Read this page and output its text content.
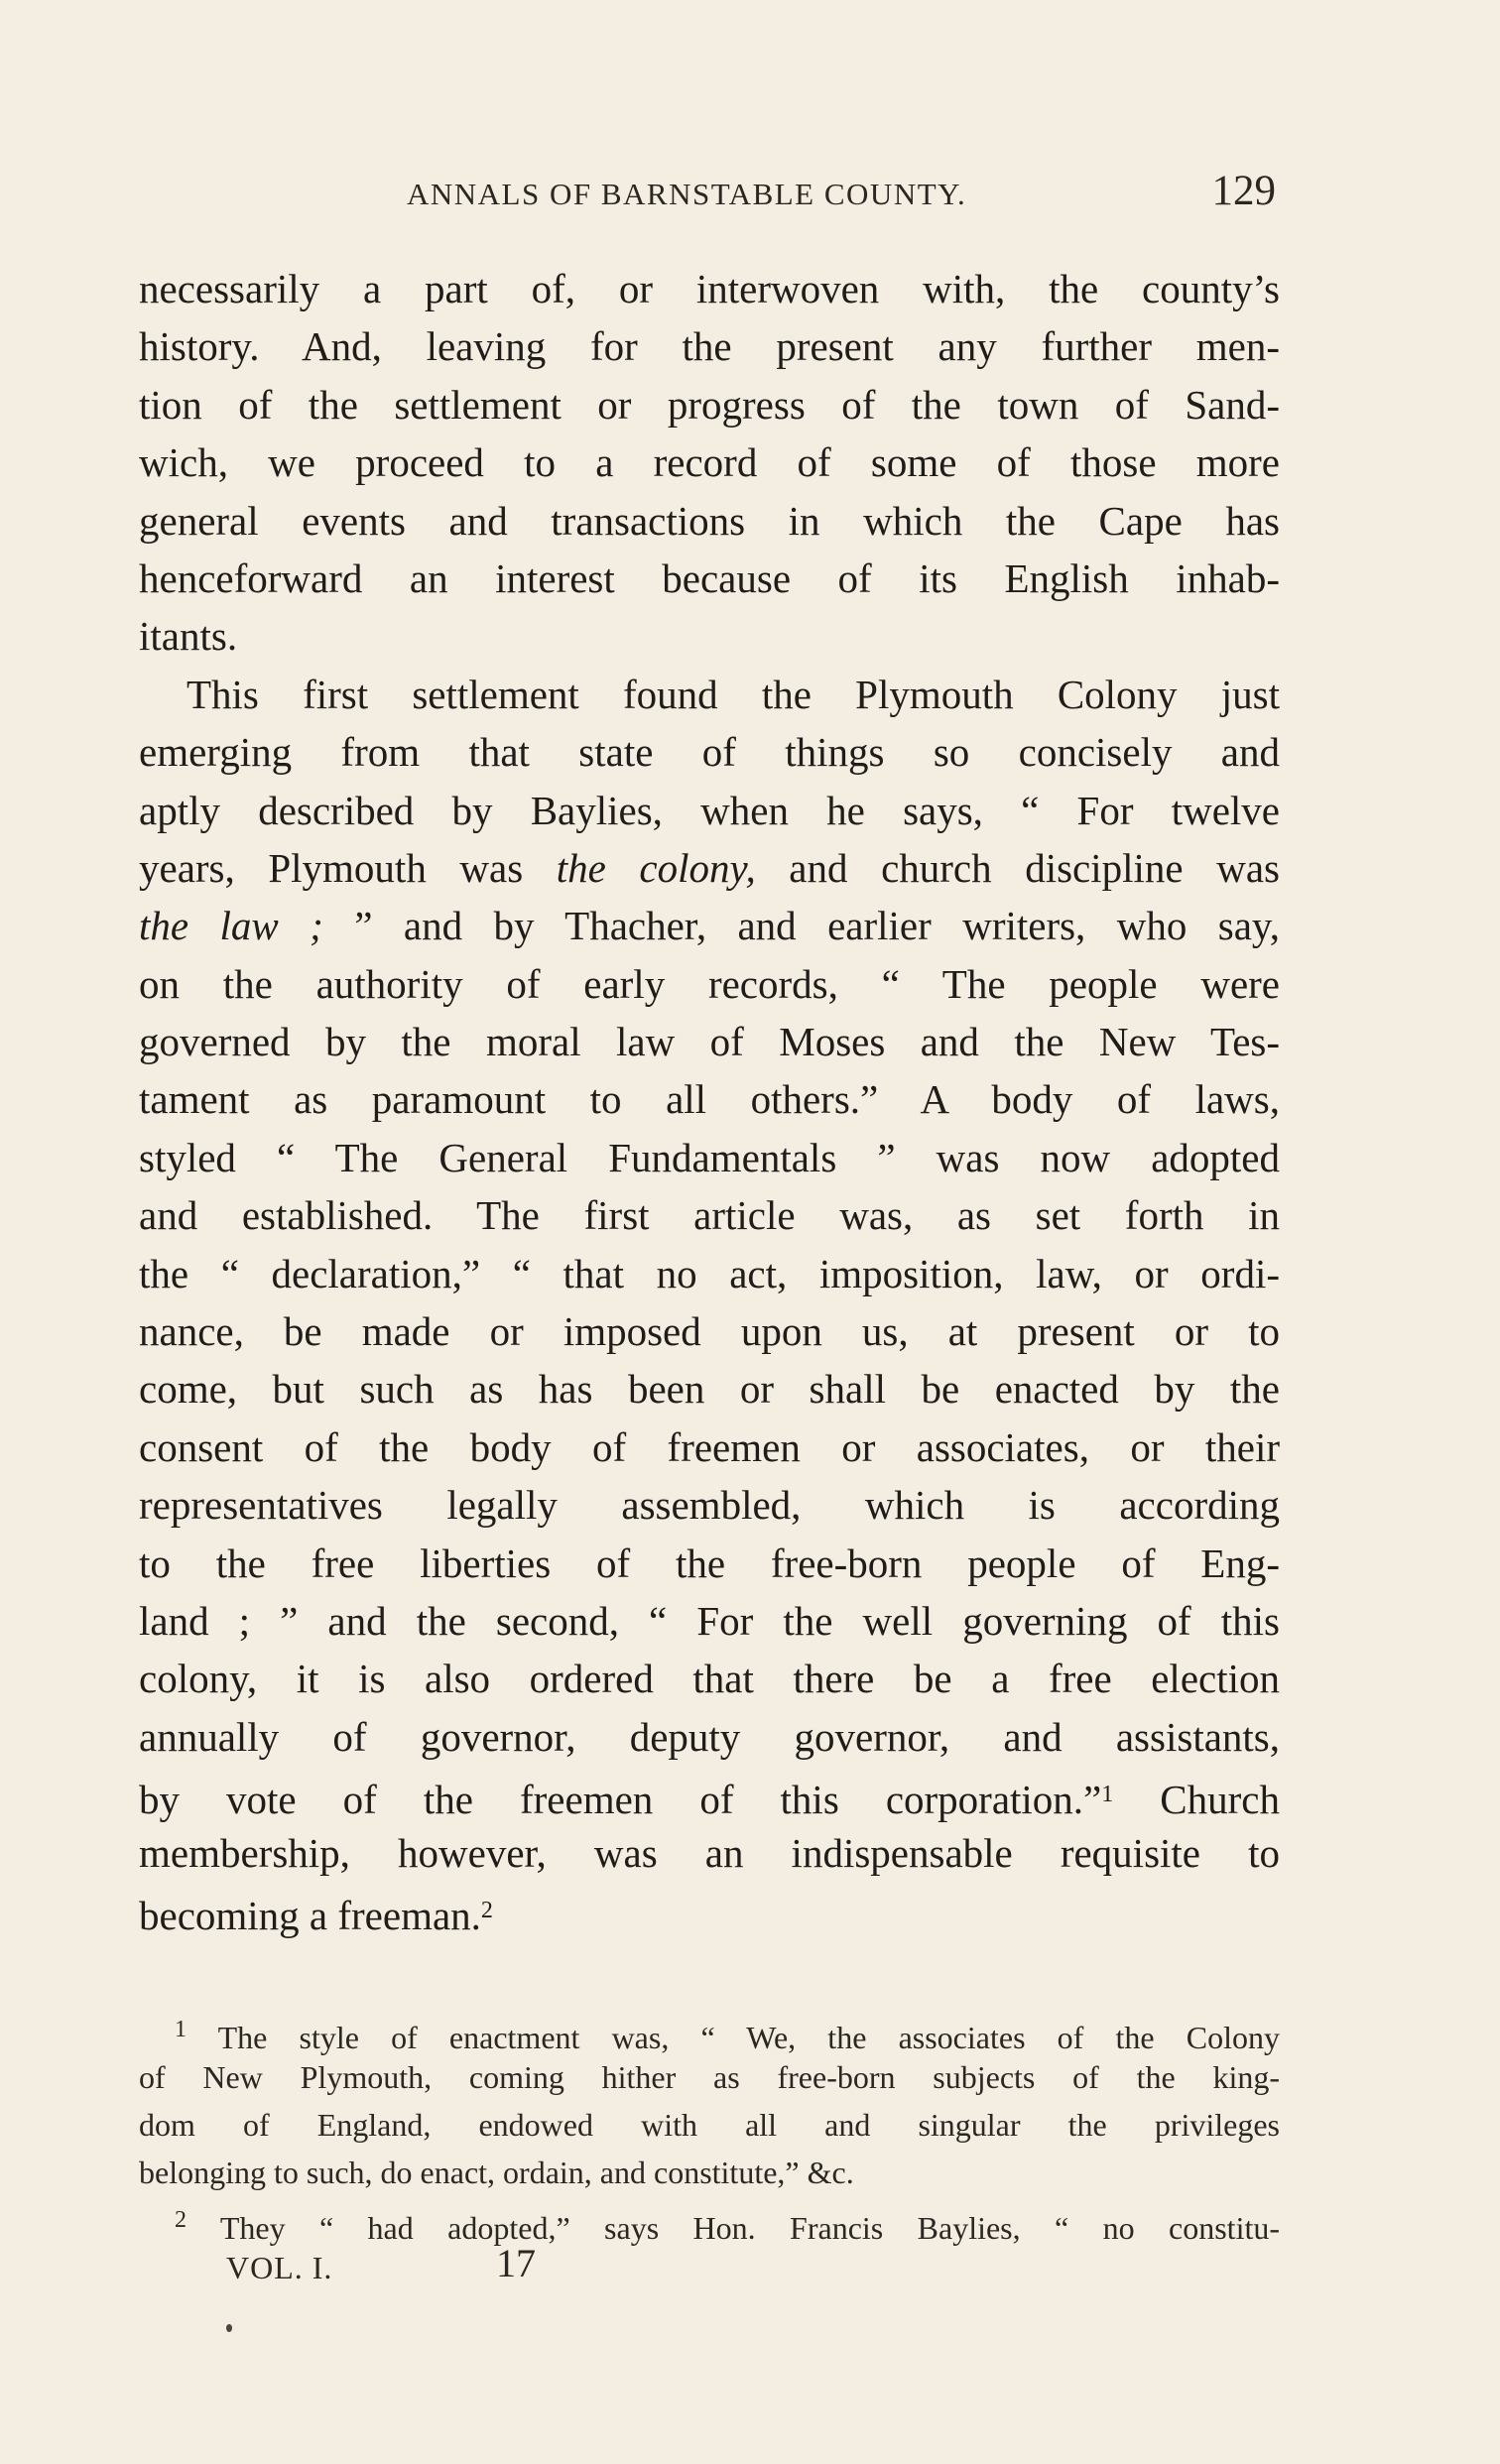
ANNALS OF BARNSTABLE COUNTY.	129
necessarily a part of, or interwoven with, the county’s
history. And, leaving for the present any further men-
tion of the settlement or progress of the town of Sand-
wich, we proceed to a record of some of those more
general events and transactions in which the Cape has
henceforward an interest because of its English inhab-
itants.
This first settlement found the Plymouth Colony just
emerging from that state of things so concisely and
aptly described by Baylies, when he says, “ For twelve
years, Plymouth was the colony, and church discipline was
the law ; ” and by Thacher, and earlier writers, who say,
on the authority of early records, “ The people were
governed by the moral law of Moses and the New Tes-
tament as paramount to all others.” A body of laws,
styled “ The General Fundamentals ” was now adopted
and established. The first article was, as set forth in
the “ declaration,” “ that no act, imposition, law, or ordi-
nance, be made or imposed upon us, at present or to
come, but such as has been or shall be enacted by the
consent of the body of freemen or associates, or their
representatives legally assembled, which is according
to the free liberties of the free-born people of Eng-
land ; ” and the second, “ For the well governing of this
colony, it is also ordered that there be a free election
annually of governor, deputy governor, and assistants,
by vote of the freemen of this corporation.”$^1$ Church
membership, however, was an indispensable requisite to
becoming a freeman.$^2$
$^1$ The style of enactment was, “ We, the associates of the Colony
of New Plymouth, coming hither as free-born subjects of the king-
dom of England, endowed with all and singular the privileges
belonging to such, do enact, ordain, and constitute,” &c.
$^2$ They “ had adopted,” says Hon. Francis Baylies, “ no constitu-
VOL. I.	17
